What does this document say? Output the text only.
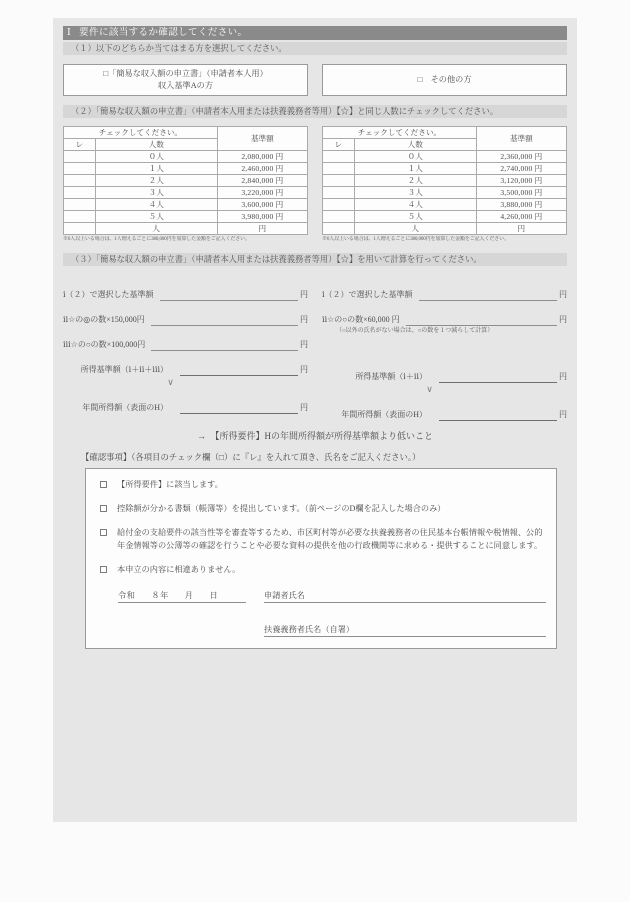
Ⅰ 要件に該当するか確認してください。
（１）以下のどちらか当てはまる方を選択してください。
□「簡易な収入額の申立書」（申請者本人用）
収入基準Aの方
□　その他の方
（２）「簡易な収入額の申立書」（申請者本人用または扶養義務者等用）【☆】と同じ人数にチェックしてください。
チェックしてください。		基準額
レ	人数	
	０人	2,080,000 円
	１人	2,460,000 円
	２人	2,840,000 円
	３人	3,220,000 円
	４人	3,600,000 円
	５人	3,980,000 円
	人	円
※6人以上いる場合は、1人増えるごとに380,000円を加算した金額をご記入ください。
チェックしてください。		基準額
レ	人数	
	０人	2,360,000 円
	１人	2,740,000 円
	２人	3,120,000 円
	３人	3,500,000 円
	４人	3,880,000 円
	５人	4,260,000 円
	人	円
※6人以上いる場合は、1人増えるごとに380,000円を加算した金額をご記入ください。
（３）「簡易な収入額の申立書」（申請者本人用または扶養義務者等用）【☆】を用いて計算を行ってください。
ⅰ（２）で選択した基準額	円
ⅱ☆の◎の数×150,000円	円
ⅲ☆の○の数×100,000円	円
所得基準額（ⅰ＋ⅱ＋ⅲ）	円
∨
年間所得額（表面のH）	円
ⅰ（２）で選択した基準額	円
ⅱ☆の○の数×60,000 円	円
（○以外の氏名がない場合は、○の数を１つ減らして計算）
所得基準額（ⅰ＋ⅱ）	円
∨
年間所得額（表面のH）	円
→　【所得要件】Hの年間所得額が所得基準額より低いこと
【確認事項】（各項目のチェック欄（□）に『レ』を入れて頂き、氏名をご記入ください。）
【所得要件】に該当します。
控除額が分かる書類（帳簿等）を提出しています。（前ページのD欄を記入した場合のみ）
給付金の支給要件の該当性等を審査等するため、市区町村等が必要な扶養義務者の住民基本台帳情報や税情報、公的年金情報等の公簿等の確認を行うことや必要な資料の提供を他の行政機関等に求める・提供することに同意します。
本申立の内容に相違ありません。
令和 ８ 年 月 日	申請者氏名
扶養義務者氏名（自署）
